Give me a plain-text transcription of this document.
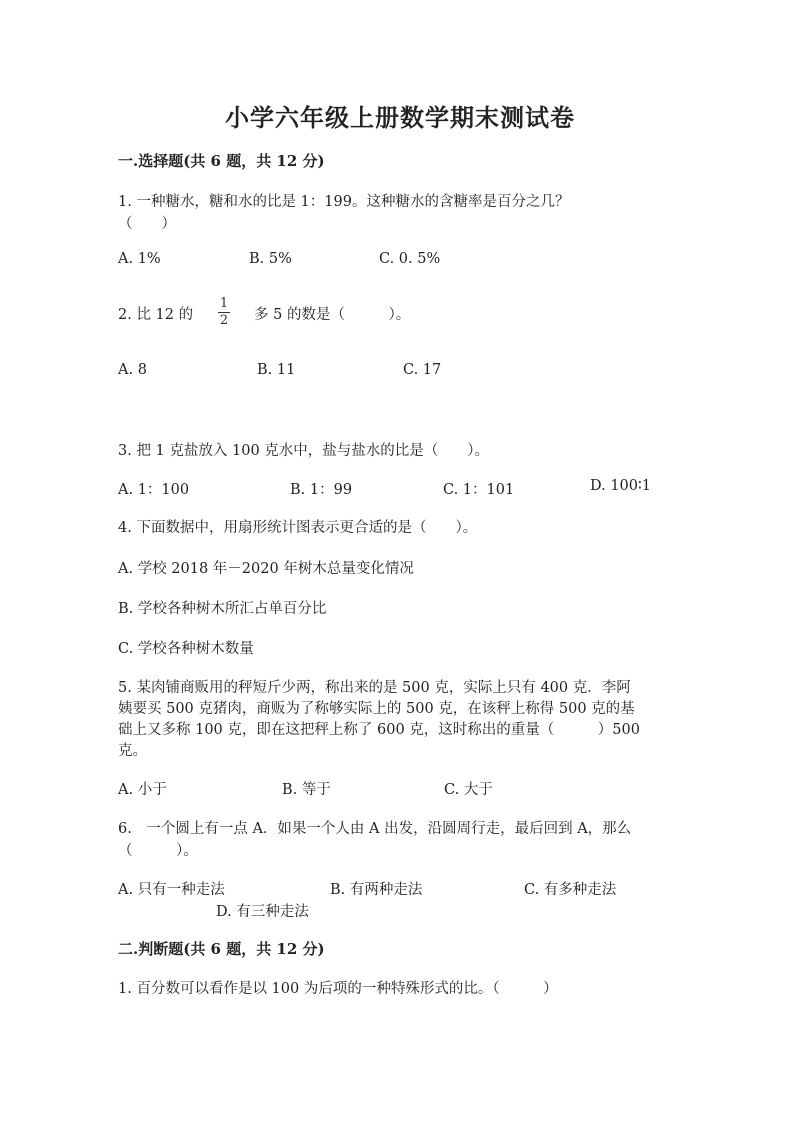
小学六年级上册数学期末测试卷
一.选择题(共 6 题，共 12 分)
1. 一种糖水，糖和水的比是 1：199。这种糖水的含糖率是百分之几？
（　　）
A. 1%	B. 5%	C. 0. 5%
2. 比 12 的
1
2 多 5 的数是（　　　）。
A. 8	B. 11	C. 17
3. 把 1 克盐放入 100 克水中，盐与盐水的比是（　　）。
A. 1：100	B. 1：99	C. 1：101	D. 100∶1
4. 下面数据中，用扇形统计图表示更合适的是（　　）。
A. 学校 2018 年－2020 年树木总量变化情况
B. 学校各种树木所汇占单百分比
C. 学校各种树木数量
5. 某肉铺商贩用的秤短斤少两，称出来的是 500 克，实际上只有 400 克．李阿
姨要买 500 克猪肉，商贩为了称够实际上的 500 克，在该秤上称得 500 克的基
础上又多称 100 克，即在这把秤上称了 600 克，这时称出的重量（　　　）500
克。
A. 小于	B. 等于	C. 大于
6.　一个圆上有一点 A．如果一个人由 A 出发，沿圆周行走，最后回到 A，那么
（　　　）。
A. 只有一种走法	B. 有两种走法	C. 有多种走法
D. 有三种走法
二.判断题(共 6 题，共 12 分)
1. 百分数可以看作是以 100 为后项的一种特殊形式的比。（　　　）
